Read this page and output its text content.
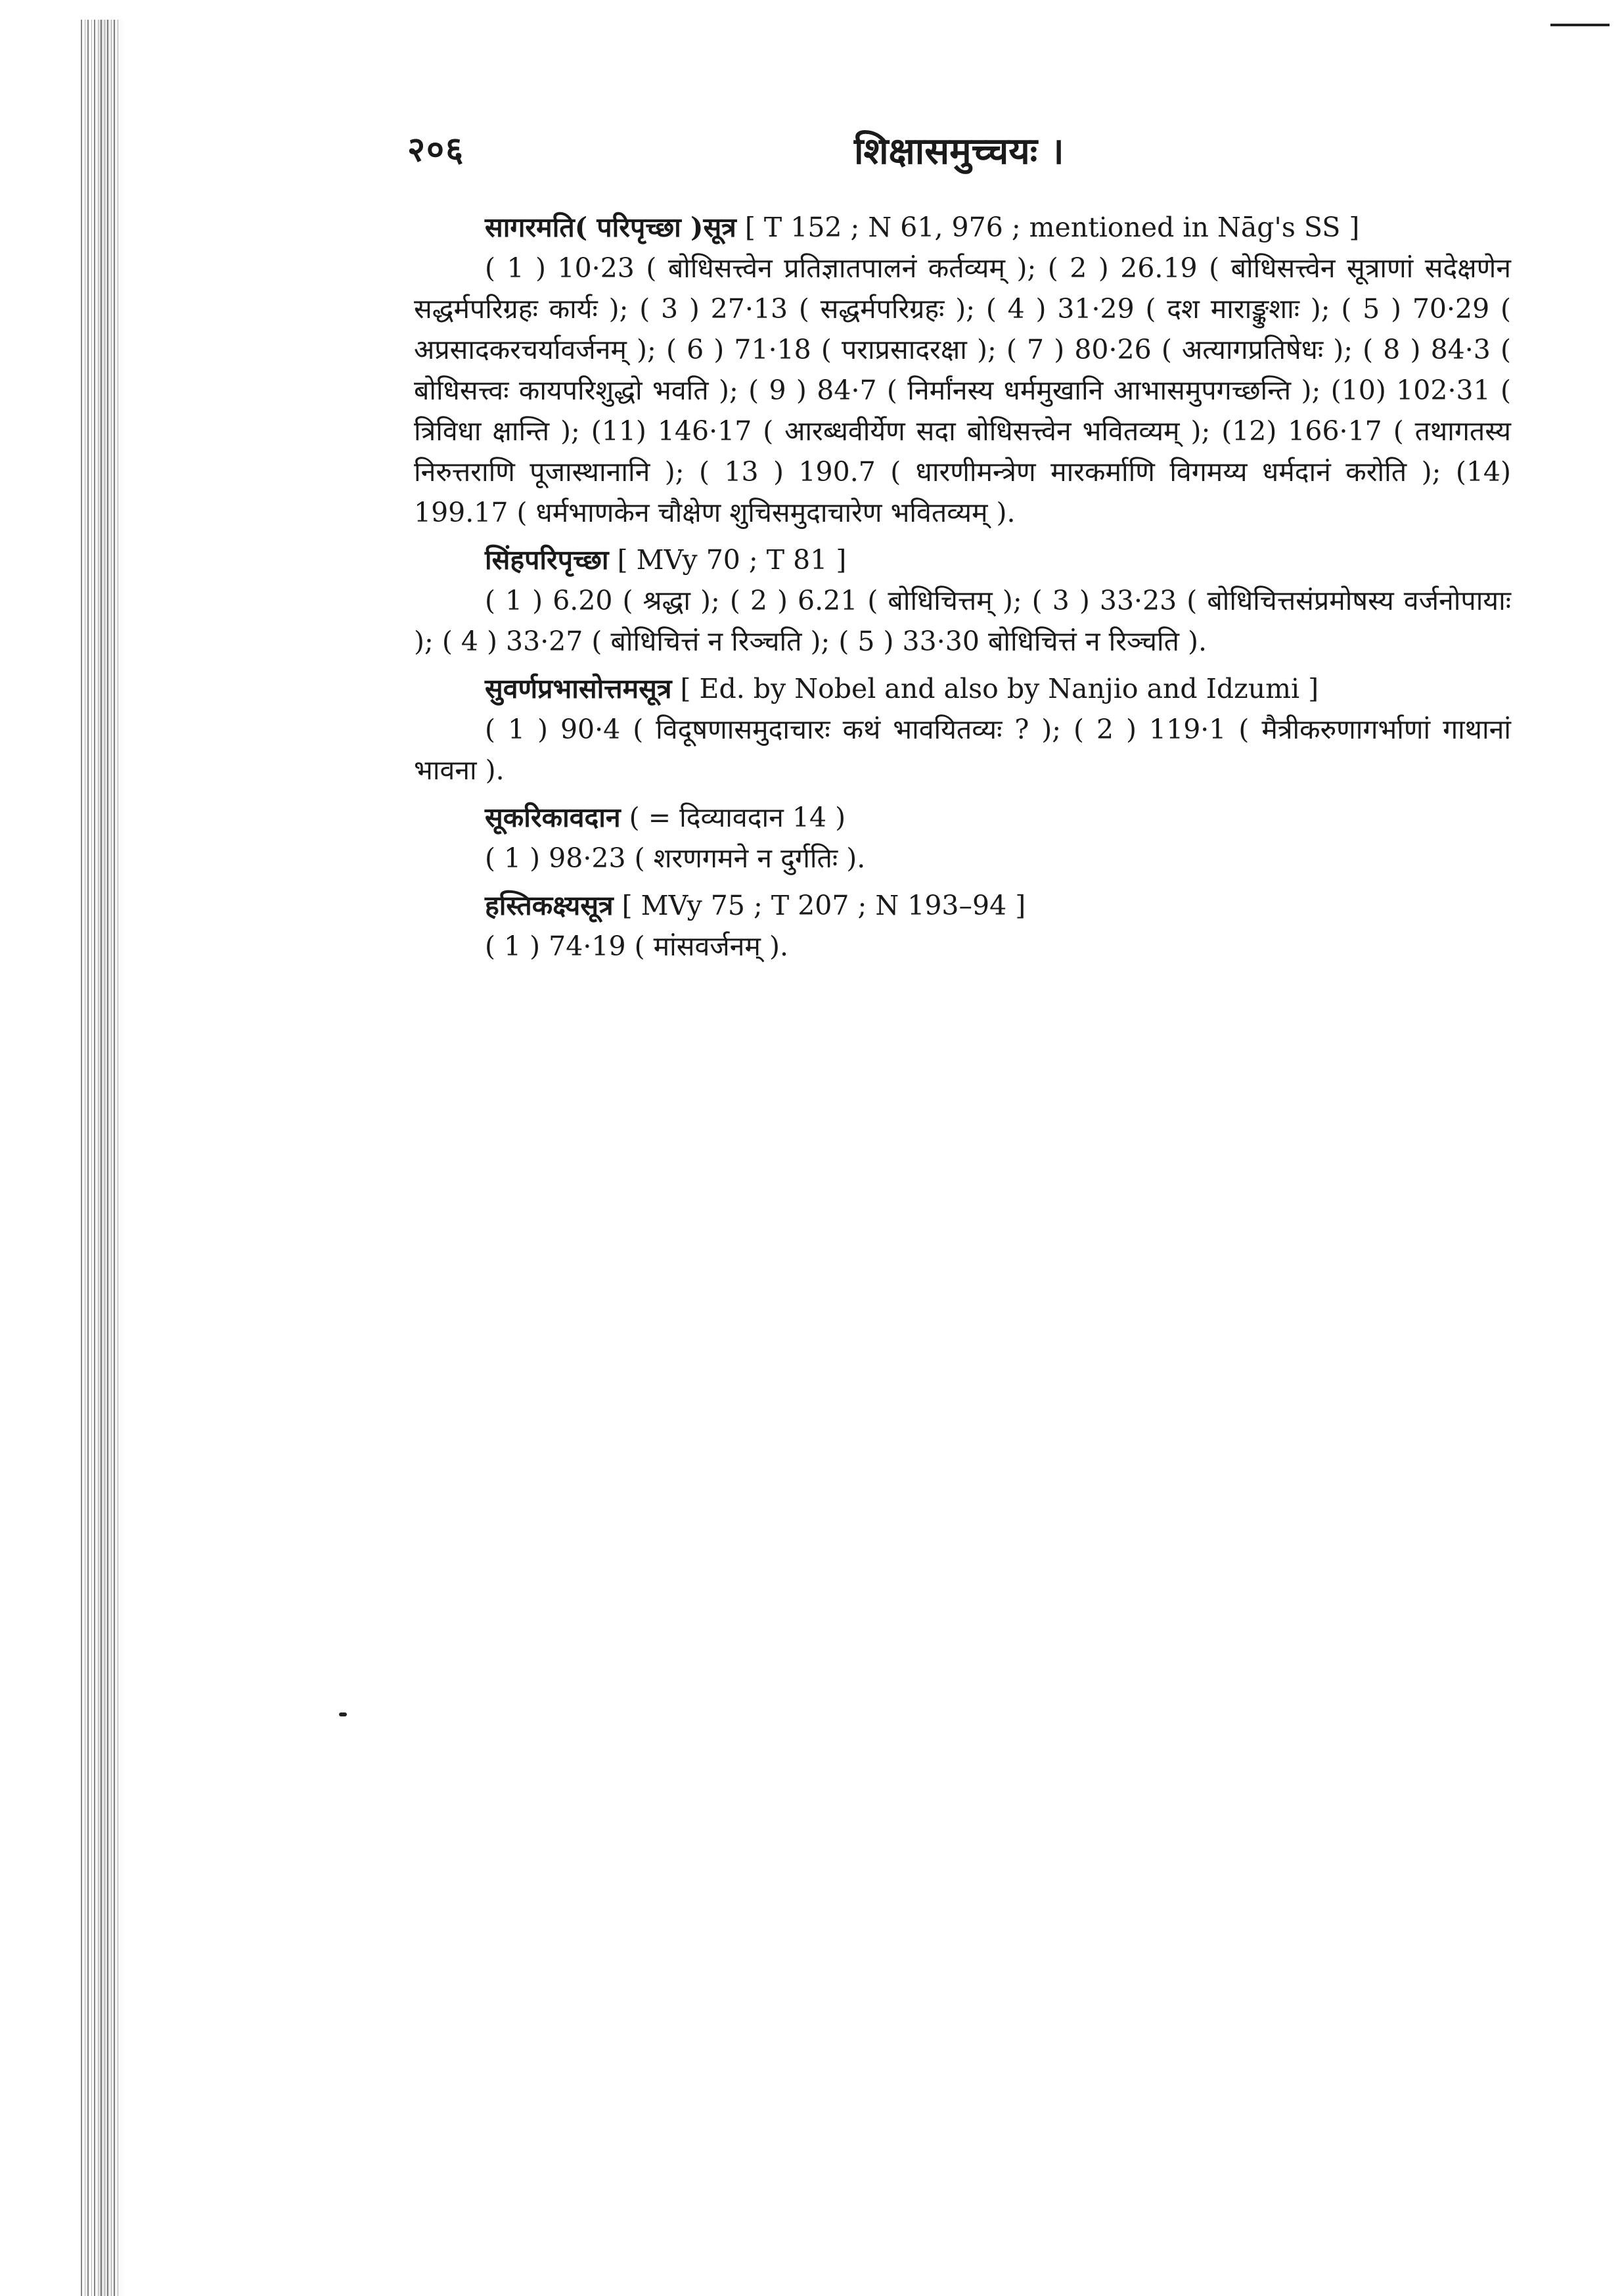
२०६	शिक्षासमुच्चयः ।

सागरमति( परिपृच्छा )सूत्र [ T 152 ; N 61, 976 ; mentioned in Nāg's SS ]

( 1 ) 10·23 ( बोधिसत्त्वेन प्रतिज्ञातपालनं कर्तव्यम् ); ( 2 ) 26.19 ( बोधिसत्त्वेन सूत्राणां सदेक्षणेन सद्धर्मपरिग्रहः कार्यः ); ( 3 ) 27·13 ( सद्धर्मपरिग्रहः ); ( 4 ) 31·29 ( दश माराङ्कुशाः ); ( 5 ) 70·29 ( अप्रसादकरचर्यावर्जनम् ); ( 6 ) 71·18 ( पराप्रसादरक्षा ); ( 7 ) 80·26 ( अत्यागप्रतिषेधः ); ( 8 ) 84·3 ( बोधिसत्त्वः कायपरिशुद्धो भवति ); ( 9 ) 84·7 ( निर्मांनस्य धर्ममुखानि आभासमुपगच्छन्ति ); (10) 102·31 ( त्रिविधा क्षान्ति ); (11) 146·17 ( आरब्धवीर्येण सदा बोधिसत्त्वेन भवितव्यम् ); (12) 166·17 ( तथागतस्य निरुत्तराणि पूजास्थानानि ); ( 13 ) 190.7 ( धारणीमन्त्रेण मारकर्माणि विगमय्य धर्मदानं करोति ); (14) 199.17 ( धर्मभाणकेन चौक्षेण शुचिसमुदाचारेण भवितव्यम् ).

सिंहपरिपृच्छा [ MVy 70 ; T 81 ]

( 1 ) 6.20 ( श्रद्धा ); ( 2 ) 6.21 ( बोधिचित्तम् ); ( 3 ) 33·23 ( बोधिचित्तसंप्रमोषस्य वर्जनोपायाः ); ( 4 ) 33·27 ( बोधिचित्तं न रिञ्चति ); ( 5 ) 33·30 बोधिचित्तं न रिञ्चति ).

सुवर्णप्रभासोत्तमसूत्र [ Ed. by Nobel and also by Nanjio and Idzumi ]

( 1 ) 90·4 ( विदूषणासमुदाचारः कथं भावयितव्यः ? ); ( 2 ) 119·1 ( मैत्रीकरुणागर्भाणां गाथानां भावना ).

सूकरिकावदान ( = दिव्यावदान 14 )

( 1 ) 98·23 ( शरणगमने न दुर्गतिः ).

हस्तिकक्ष्यसूत्र [ MVy 75 ; T 207 ; N 193–94 ]

( 1 ) 74·19 ( मांसवर्जनम् ).
